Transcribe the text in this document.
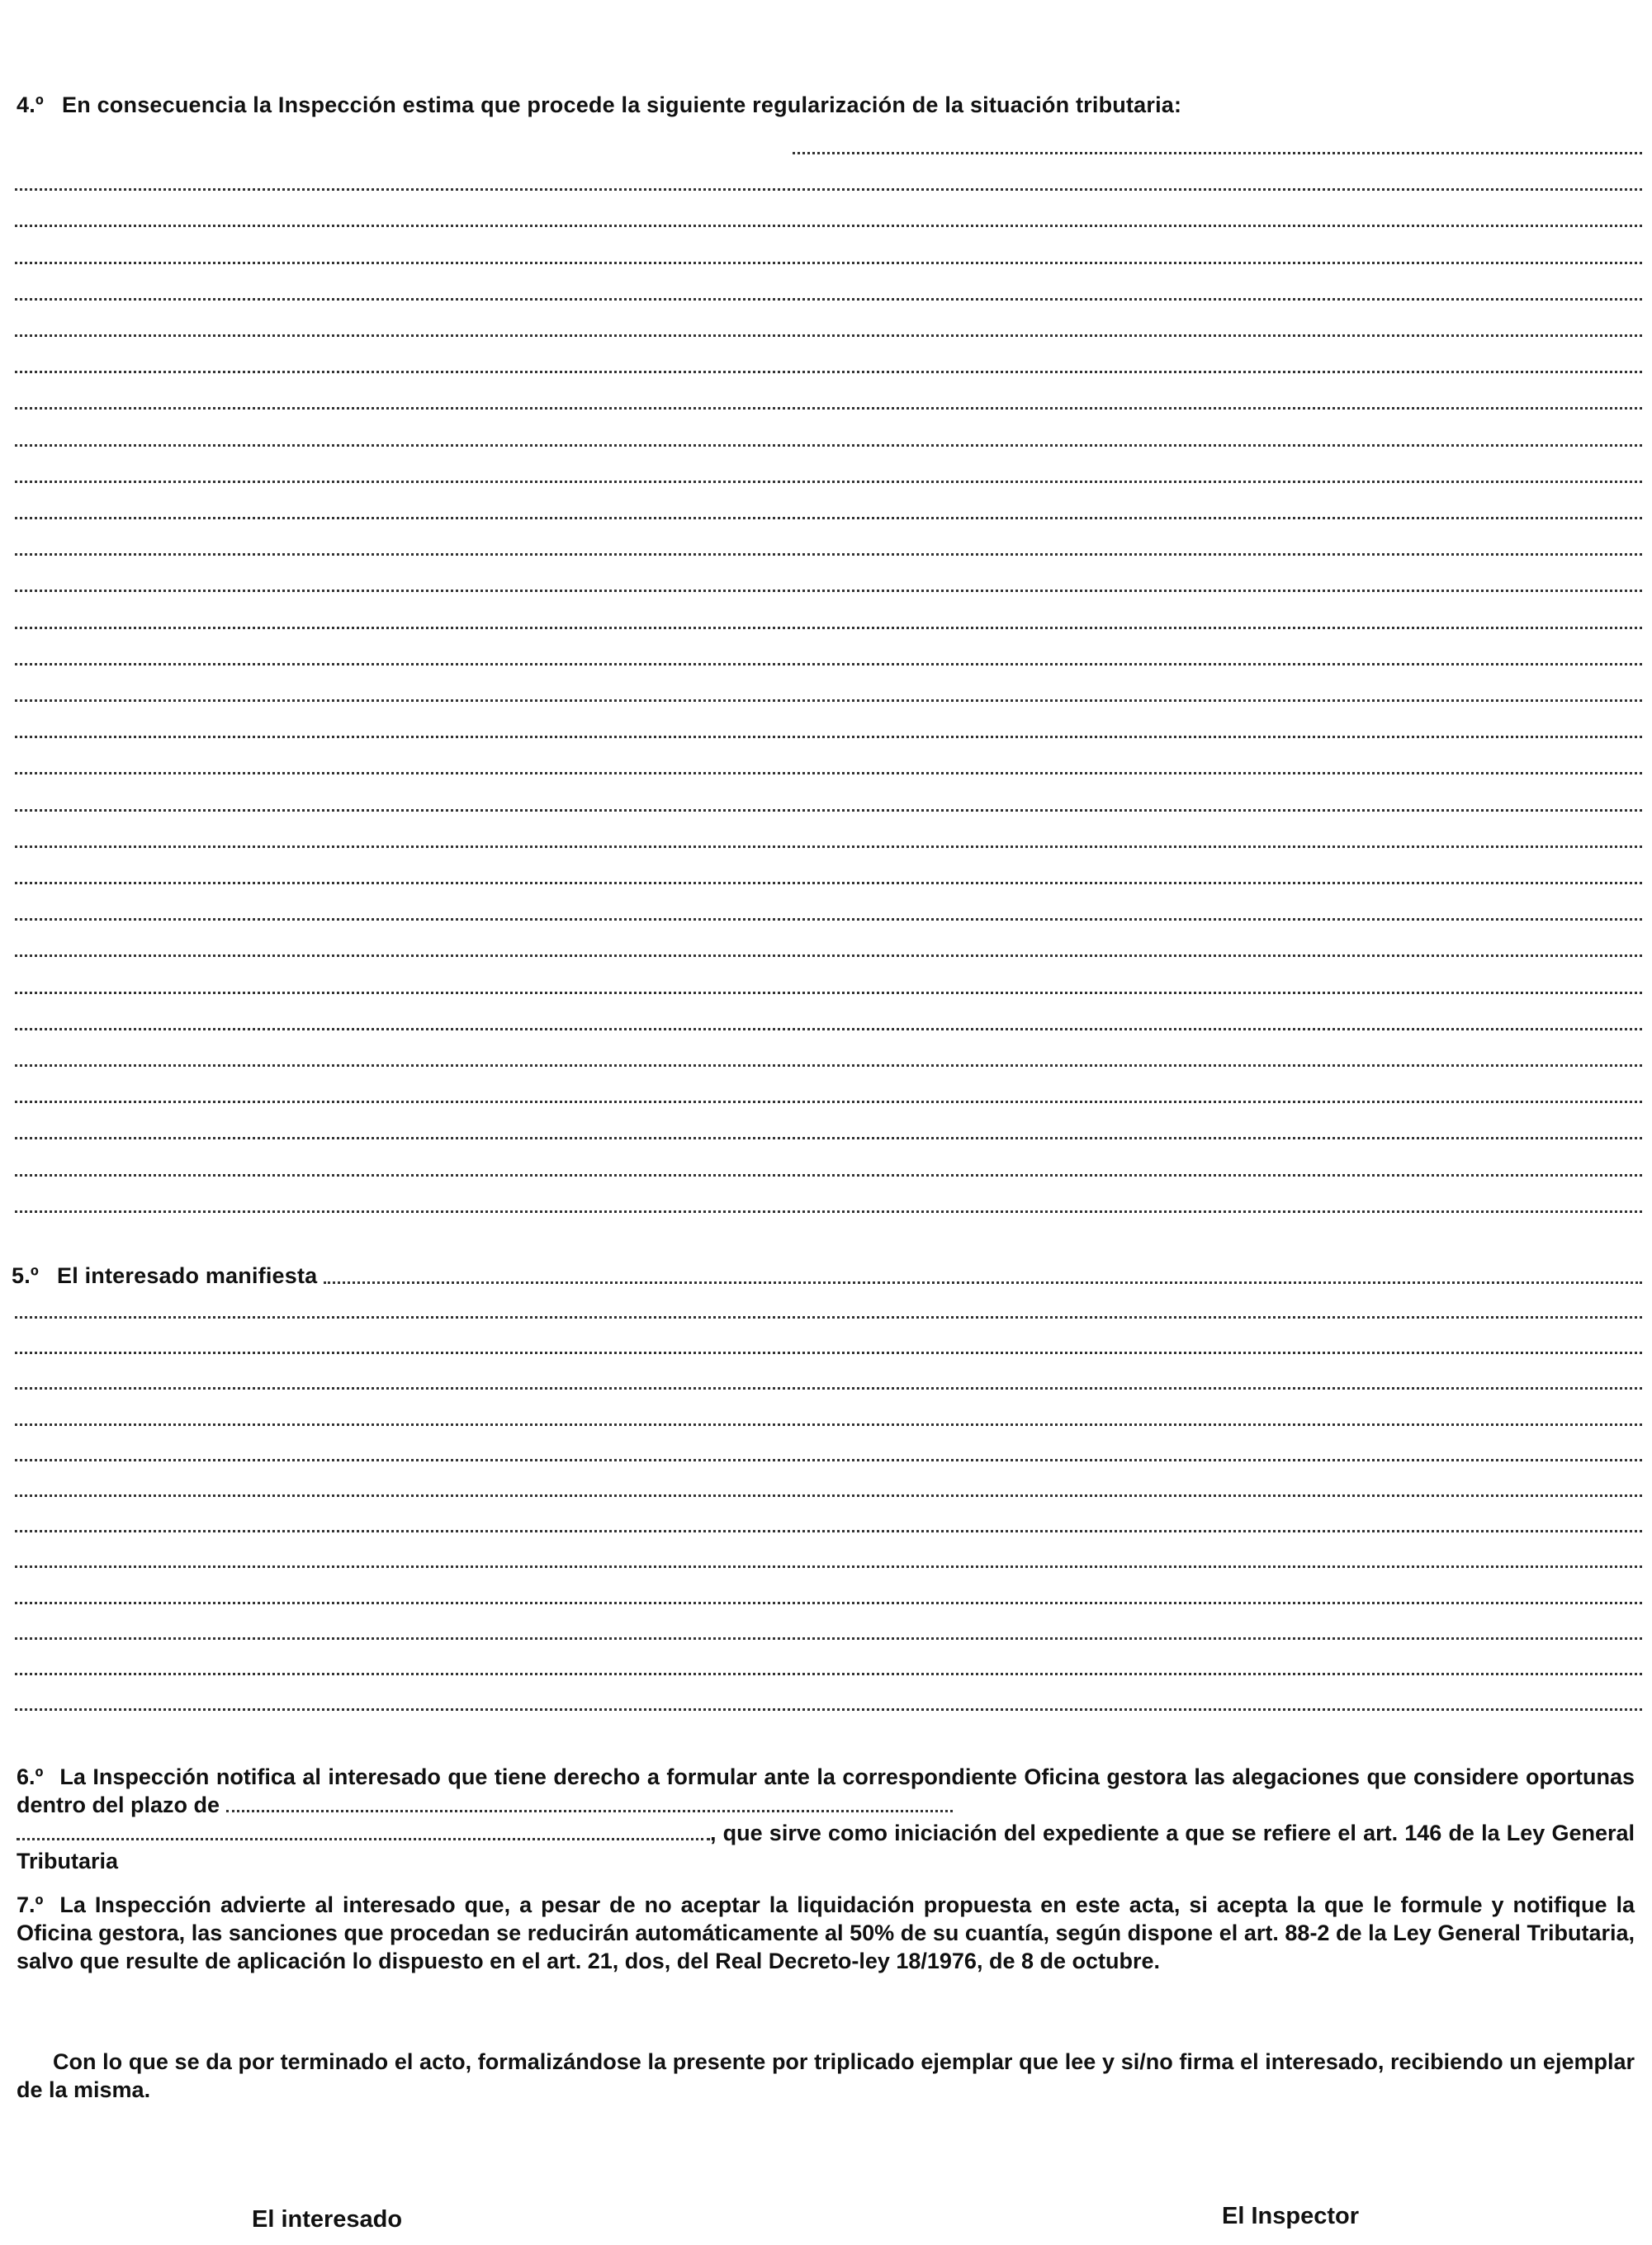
4.º En consecuencia la Inspección estima que procede la siguiente regularización de la situación tributaria:
5.º El interesado manifiesta
6.º La Inspección notifica al interesado que tiene derecho a formular ante la correspondiente Oficina gestora las alegaciones que considere oportunas dentro del plazo de
, que sirve como iniciación del expediente a que se refiere el art. 146 de la Ley General Tributaria
7.º La Inspección advierte al interesado que, a pesar de no aceptar la liquidación propuesta en este acta, si acepta la que le formule y notifique la Oficina gestora, las sanciones que procedan se reducirán automáticamente al 50% de su cuantía, según dispone el art. 88-2 de la Ley General Tributaria, salvo que resulte de aplicación lo dispuesto en el art. 21, dos, del Real Decreto-ley 18/1976, de 8 de octubre.
Con lo que se da por terminado el acto, formalizándose la presente por triplicado ejemplar que lee y si/no firma el interesado, recibiendo un ejemplar de la misma.
El interesado	El Inspector
